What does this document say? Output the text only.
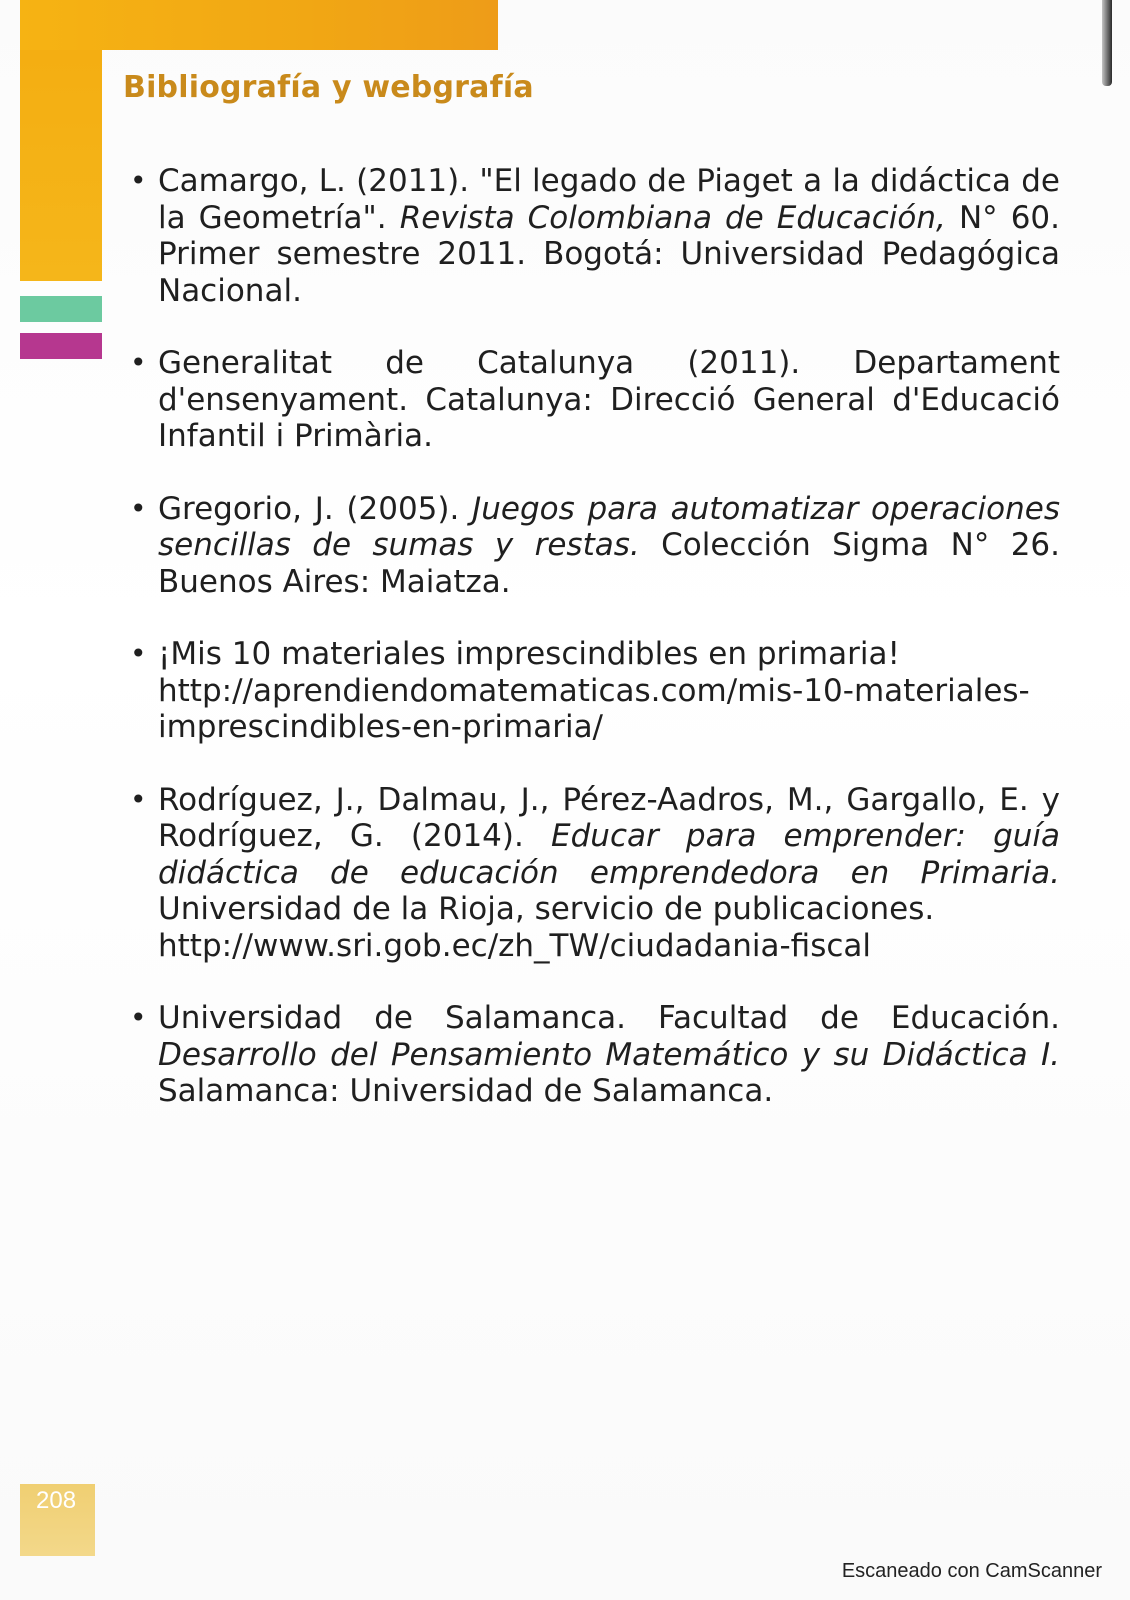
Bibliografía y webgrafía
• Camargo, L. (2011). "El legado de Piaget a la didáctica de la Geometría". Revista Colombiana de Educación, N° 60. Primer semestre 2011. Bogotá: Universidad Pedagógica Nacional.
• Generalitat de Catalunya (2011). Departament d'ensenyament. Catalunya: Direcció General d'Educació Infantil i Primària.
• Gregorio, J. (2005). Juegos para automatizar operaciones sencillas de sumas y restas. Colección Sigma N° 26. Buenos Aires: Maiatza.
• ¡Mis 10 materiales imprescindibles en primaria!
http://aprendiendomatematicas.com/mis-10-materiales-imprescindibles-en-primaria/
• Rodríguez, J., Dalmau, J., Pérez-Aadros, M., Gargallo, E. y Rodríguez, G. (2014). Educar para emprender: guía didáctica de educación emprendedora en Primaria. Universidad de la Rioja, servicio de publicaciones.
http://www.sri.gob.ec/zh_TW/ciudadania-fiscal
• Universidad de Salamanca. Facultad de Educación. Desarrollo del Pensamiento Matemático y su Didáctica I. Salamanca: Universidad de Salamanca.
208
Escaneado con CamScanner
